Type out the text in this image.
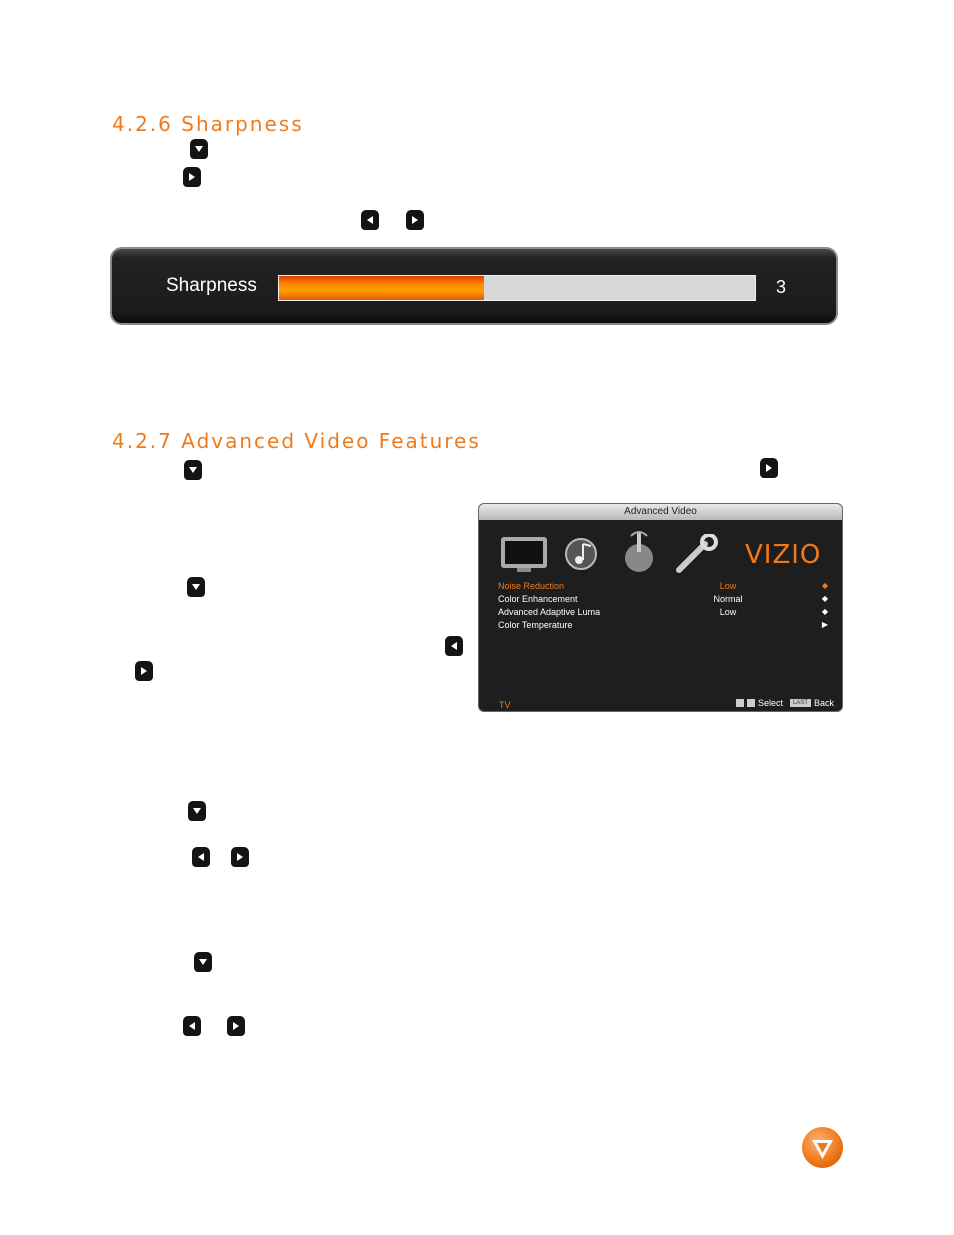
4.2.6 Sharpness
4.2.7 Advanced Video Features
Sharpness	3
Advanced Video
VIZIO
Noise Reduction	Low	◆
Color Enhancement	Normal	◆
Advanced Adaptive Luma	Low	◆
Color Temperature	▶
TV	Select	LAST Back
